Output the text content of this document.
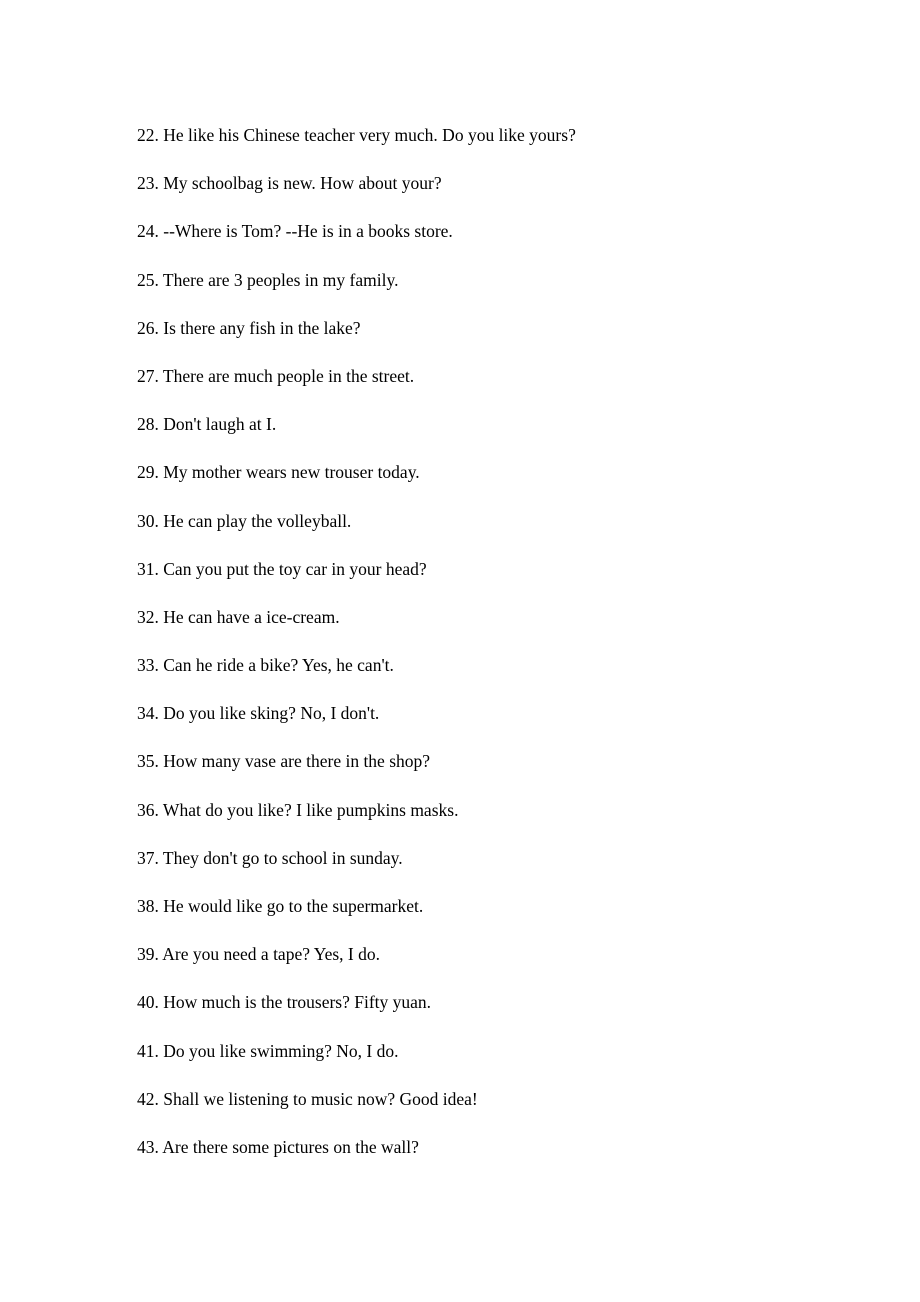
22. He like his Chinese teacher very much. Do you like yours?

23. My schoolbag is new. How about your?

24. --Where is Tom? --He is in a books store.

25. There are 3 peoples in my family.

26. Is there any fish in the lake?

27. There are much people in the street.

28. Don't laugh at I.

29. My mother wears new trouser today.

30. He can play the volleyball.

31. Can you put the toy car in your head?

32. He can have a ice-cream.

33. Can he ride a bike? Yes, he can't.

34. Do you like sking? No, I don't.

35. How many vase are there in the shop?

36. What do you like? I like pumpkins masks.

37. They don't go to school in sunday.

38. He would like go to the supermarket.

39. Are you need a tape? Yes, I do.

40. How much is the trousers? Fifty yuan.

41. Do you like swimming? No, I do.

42. Shall we listening to music now? Good idea!

43. Are there some pictures on the wall?
